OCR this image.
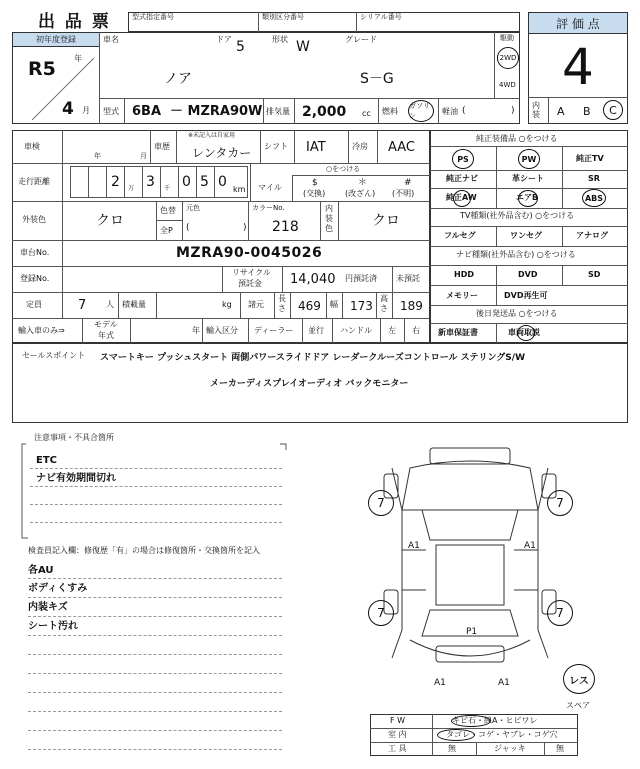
出 品 票	型式指定番号	類別区分番号	シリアル番号	評 価 点
4
内装	A B C
初年度登録
R5 年
4 月
車名	ドア 5	形状 W	グレード
ノア	S－G
駆動
2WD
4WD
型式 6BA － MZRA90W 排気量 2,000 cc 燃料
ガソリン	軽油 (	)
車検
年	月
車歴
※未記入は自家用
レンタカー シフト IAT	冷房 AAC
走行距離	2 万 3 千 0 5 0 km マイル
○をつける
$
(交換)
＊
(改ざん)
#
(不明)
外装色	クロ
色替
全P
元色
(	)
カラーNo.
218
内装色	クロ
車台No.	MZRA90-0045026
登録No.
リサイクル
預託金 14,040 円預託済 未預託
定員	7 人 積載量	kg 諸元
長さ 469 幅 173
高さ 189
輸入車のみ⇒
モデル
年式
年 輸入区分 ディーラー 並行 ハンドル 左 右
純正装備品 ○をつける
PS	PW	純正TV
純正ナビ	革シート	SR
純正AW	エアB	ABS
TV種類(社外品含む) ○をつける
フルセグ	ワンセグ	アナログ
ナビ種類(社外品含む) ○をつける
HDD	DVD	SD
メモリー	DVD再生可
後日発送品 ○をつける
新車保証書	車両取説
セールスポイント スマートキー プッシュスタート 両側パワースライドドア レーダークルーズコントロール ステリングS/W
メーカーディスプレイオーディオ バックモニター
注意事項・不具合箇所
ETC
ナビ有効期間切れ
検査員記入欄：修復歴「有」の場合は修復箇所・交換箇所を記入
各AU
ボディくすみ
内装キズ
シート汚れ
7	7
7	7
A1	A1
P1
A1	A1	レス
スペア
F W	キビ石・線A・ヒビワレ
室 内	タゴレ・コゲ・ヤブレ・コゲ穴
工 具	無	ジャッキ	無
